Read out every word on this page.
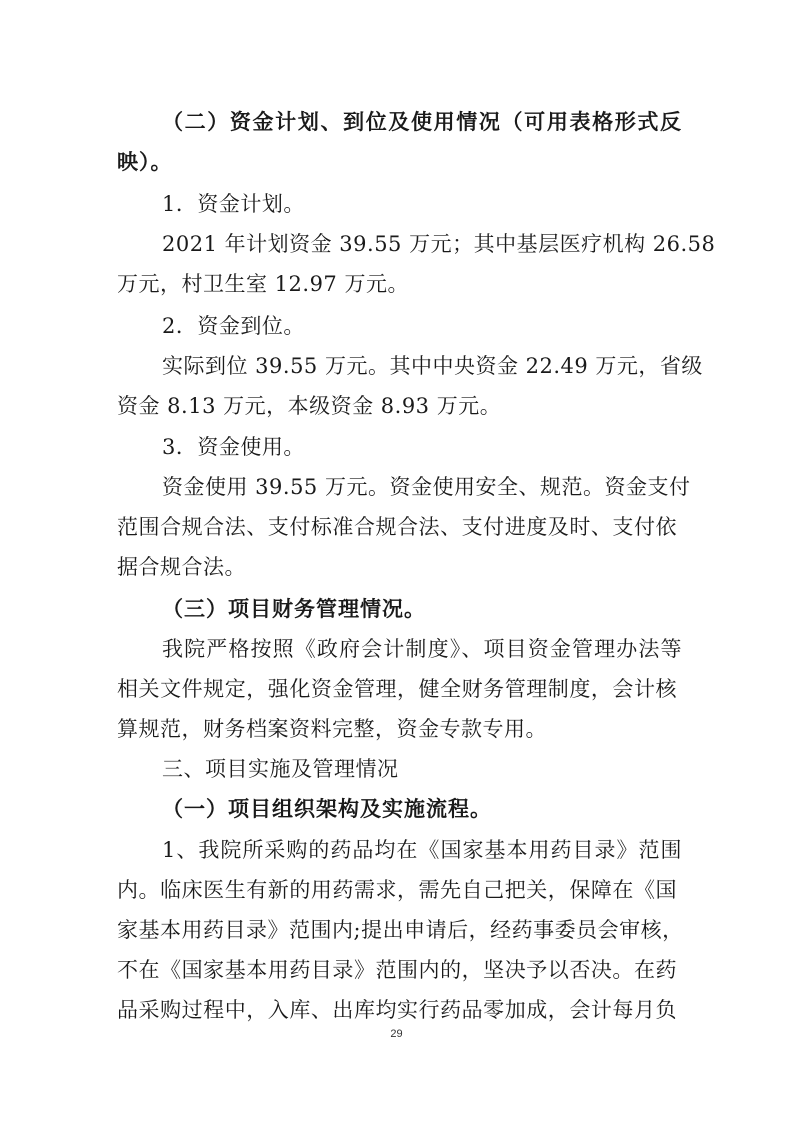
（二）资金计划、到位及使用情况（可用表格形式反
映）。
1．资金计划。
2021 年计划资金 39.55 万元；其中基层医疗机构 26.58
万元，村卫生室 12.97 万元。
2．资金到位。
实际到位 39.55 万元。其中中央资金 22.49 万元，省级
资金 8.13 万元，本级资金 8.93 万元。
3．资金使用。
资金使用 39.55 万元。资金使用安全、规范。资金支付
范围合规合法、支付标准合规合法、支付进度及时、支付依
据合规合法。
（三）项目财务管理情况。
我院严格按照《政府会计制度》、项目资金管理办法等
相关文件规定，强化资金管理，健全财务管理制度，会计核
算规范，财务档案资料完整，资金专款专用。
三、项目实施及管理情况
（一）项目组织架构及实施流程。
1、我院所采购的药品均在《国家基本用药目录》范围
内。临床医生有新的用药需求，需先自己把关，保障在《国
家基本用药目录》范围内;提出申请后，经药事委员会审核，
不在《国家基本用药目录》范围内的，坚决予以否决。在药
品采购过程中，入库、出库均实行药品零加成，会计每月负
29
